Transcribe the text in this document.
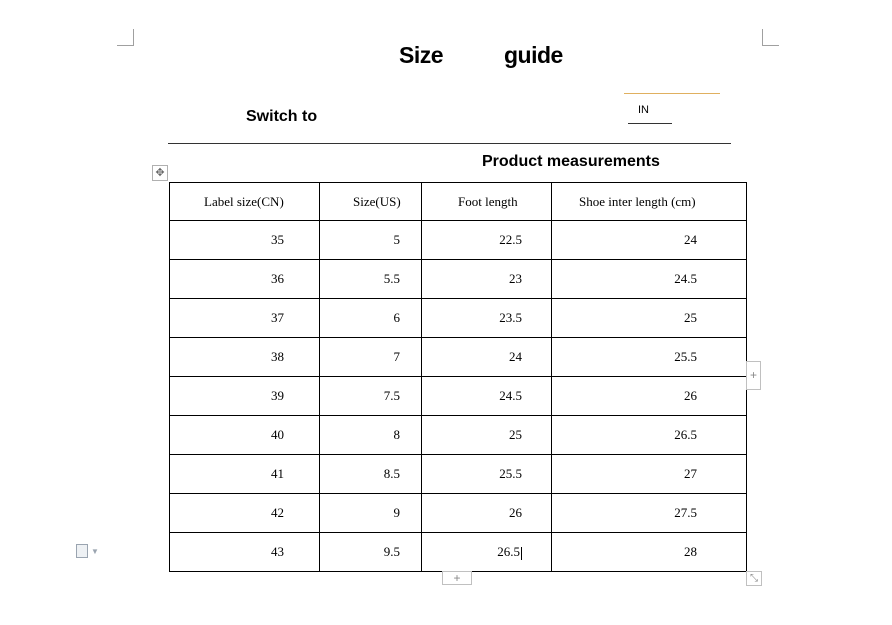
Size	guide
Switch to	IN
Product measurements
✥
Label size(CN)	Size(US)	Foot length	Shoe inter length (cm)
35	5	22.5	24
36	5.5	23	24.5
37	6	23.5	25
38	7	24	25.5
39	7.5	24.5	26
40	8	25	26.5
41	8.5	25.5	27
42	9	26	27.5
43	9.5	26.5	28
+
+	⤡
▼
